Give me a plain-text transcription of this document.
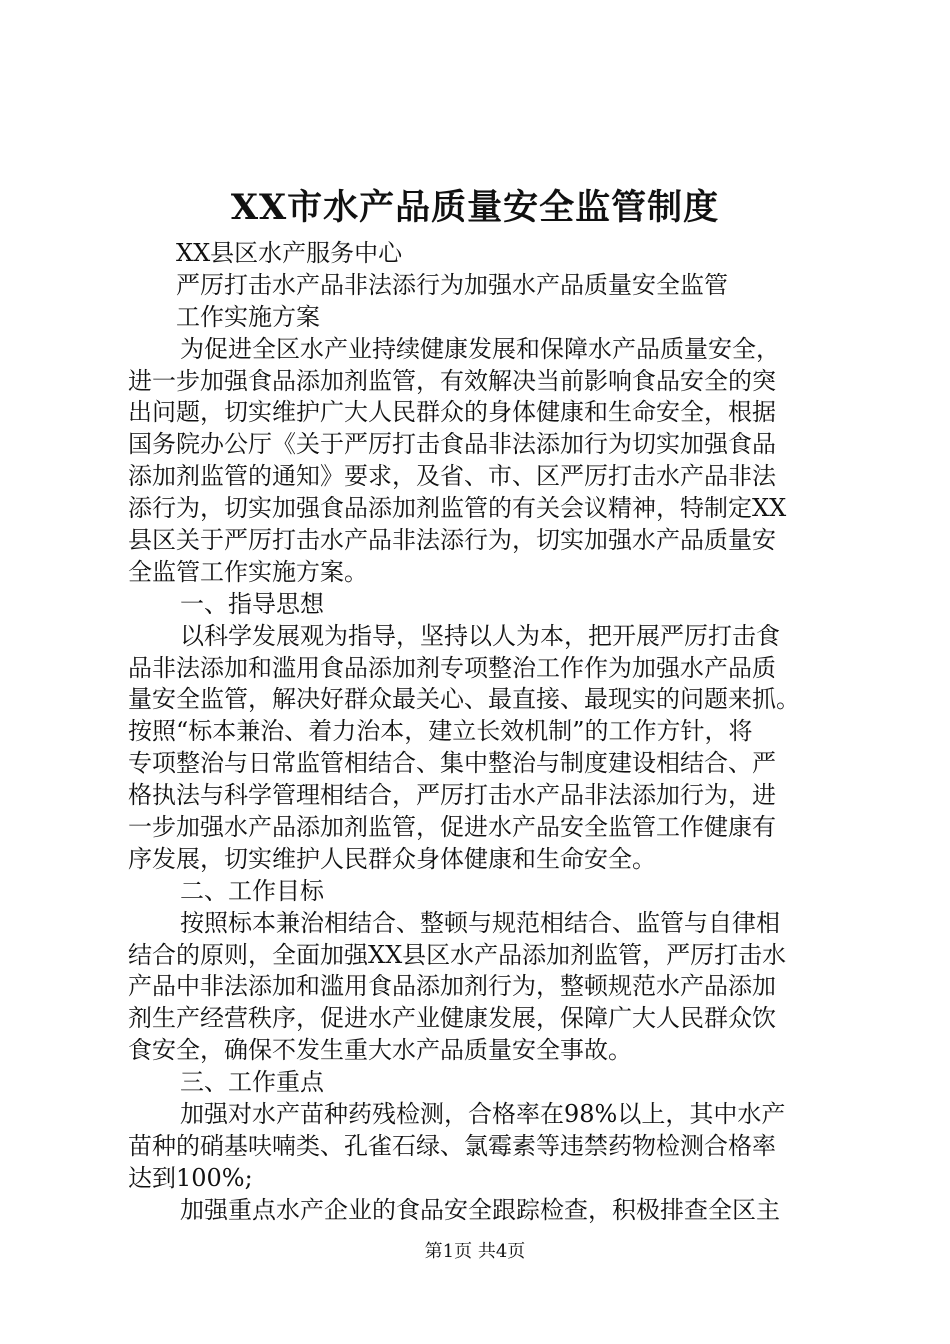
XX市水产品质量安全监管制度
XX县区水产服务中心
严厉打击水产品非法添行为加强水产品质量安全监管
工作实施方案
为促进全区水产业持续健康发展和保障水产品质量安全，
进一步加强食品添加剂监管，有效解决当前影响食品安全的突
出问题，切实维护广大人民群众的身体健康和生命安全，根据
国务院办公厅《关于严厉打击食品非法添加行为切实加强食品
添加剂监管的通知》要求，及省、市、区严厉打击水产品非法
添行为，切实加强食品添加剂监管的有关会议精神，特制定XX
县区关于严厉打击水产品非法添行为，切实加强水产品质量安
全监管工作实施方案。
一、指导思想
以科学发展观为指导，坚持以人为本，把开展严厉打击食
品非法添加和滥用食品添加剂专项整治工作作为加强水产品质
量安全监管，解决好群众最关心、最直接、最现实的问题来抓。
按照“标本兼治、着力治本，建立长效机制”的工作方针，将
专项整治与日常监管相结合、集中整治与制度建设相结合、严
格执法与科学管理相结合，严厉打击水产品非法添加行为，进
一步加强水产品添加剂监管，促进水产品安全监管工作健康有
序发展，切实维护人民群众身体健康和生命安全。
二、工作目标
按照标本兼治相结合、整顿与规范相结合、监管与自律相
结合的原则，全面加强XX县区水产品添加剂监管，严厉打击水
产品中非法添加和滥用食品添加剂行为，整顿规范水产品添加
剂生产经营秩序，促进水产业健康发展，保障广大人民群众饮
食安全，确保不发生重大水产品质量安全事故。
三、工作重点
加强对水产苗种药残检测，合格率在98%以上，其中水产
苗种的硝基呋喃类、孔雀石绿、氯霉素等违禁药物检测合格率
达到100%;
加强重点水产企业的食品安全跟踪检查，积极排查全区主
第1页 共4页
